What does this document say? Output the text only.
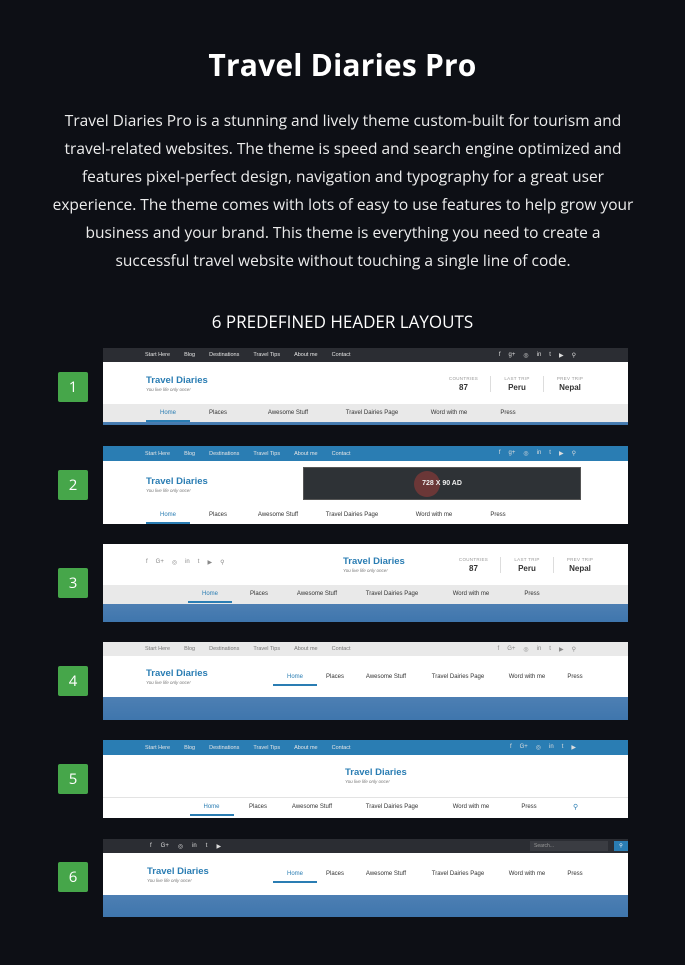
Travel Diaries Pro
Travel Diaries Pro is a stunning and lively theme custom-built for tourism and travel-related websites. The theme is speed and search engine optimized and features pixel-perfect design, navigation and typography for a great user experience. The theme comes with lots of easy to use features to help grow your business and your brand. This theme is everything you need to create a successful travel website without touching a single line of code.
6 PREDEFINED HEADER LAYOUTS
1
2
3
4
5
6
Start Here	Blog	Destinations	Travel Tips	About me	Contact	f g+ ◎ in t ▶ ⚲
Travel Diaries
You live life only once!
COUNTRIES
87
LAST TRIP
Peru
PREV TRIP
Nepal
Home	Places	Awesome Stuff	Travel Dairies Page	Word with me	Press
Start Here	Blog	Destinations	Travel Tips	About me	Contact	f g+ ◎ in t ▶ ⚲
Travel Diaries
You live life only once!
728 X 90 AD
Home	Places	Awesome Stuff	Travel Dairies Page	Word with me	Press
f G+ ◎ in t ▶ ⚲	Travel Diaries
You live life only once!
COUNTRIES
87
LAST TRIP
Peru
PREV TRIP
Nepal
Home	Places	Awesome Stuff	Travel Dairies Page	Word with me	Press
Start Here	Blog	Destinations	Travel Tips	About me	Contact	f G+ ◎ in t ▶ ⚲
Travel Diaries
You live life only once!
Home	Places	Awesome Stuff	Travel Dairies Page	Word with me	Press
Start Here	Blog	Destinations	Travel Tips	About me	Contact	f G+ ◎ in t ▶
Travel Diaries
You live life only once!
Home	Places	Awesome Stuff	Travel Dairies Page	Word with me	Press	⚲
f G+ ◎ in t ▶	Search...	⚲
Travel Diaries
You live life only once!
Home	Places	Awesome Stuff	Travel Dairies Page	Word with me	Press
